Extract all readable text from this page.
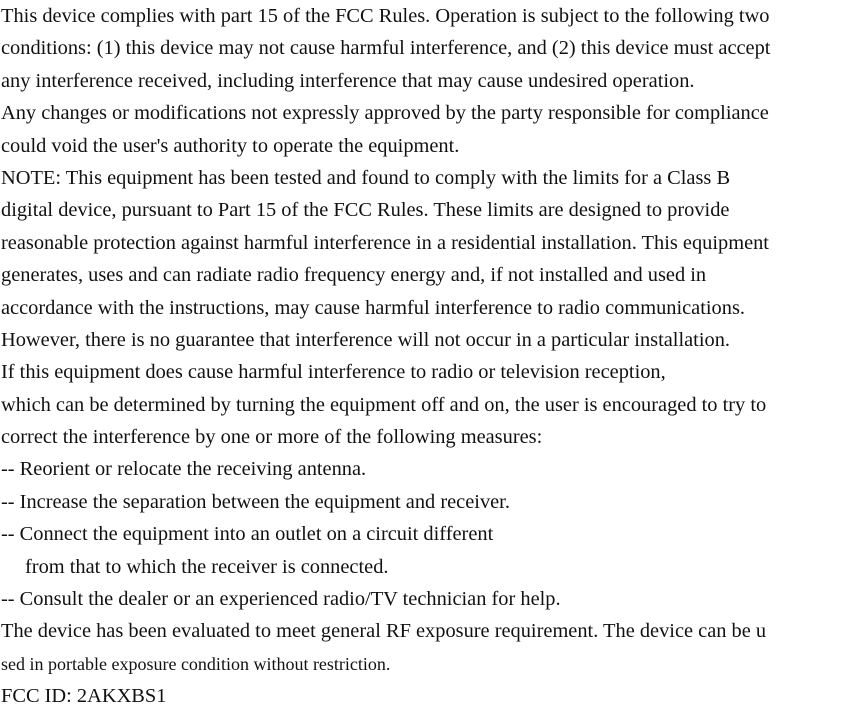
This device complies with part 15 of the FCC Rules. Operation is subject to the following two
conditions: (1) this device may not cause harmful interference, and (2) this device must accept
any interference received, including interference that may cause undesired operation.
Any changes or modifications not expressly approved by the party responsible for compliance
could void the user's authority to operate the equipment.
NOTE: This equipment has been tested and found to comply with the limits for a Class B
digital device, pursuant to Part 15 of the FCC Rules. These limits are designed to provide
reasonable protection against harmful interference in a residential installation. This equipment
generates, uses and can radiate radio frequency energy and, if not installed and used in
accordance with the instructions, may cause harmful interference to radio communications.
However, there is no guarantee that interference will not occur in a particular installation.
If this equipment does cause harmful interference to radio or television reception,
which can be determined by turning the equipment off and on, the user is encouraged to try to
correct the interference by one or more of the following measures:
-- Reorient or relocate the receiving antenna.
-- Increase the separation between the equipment and receiver.
-- Connect the equipment into an outlet on a circuit different
from that to which the receiver is connected.
-- Consult the dealer or an experienced radio/TV technician for help.
The device has been evaluated to meet general RF exposure requirement. The device can be u
sed in portable exposure condition without restriction.
FCC ID: 2AKXBS1
